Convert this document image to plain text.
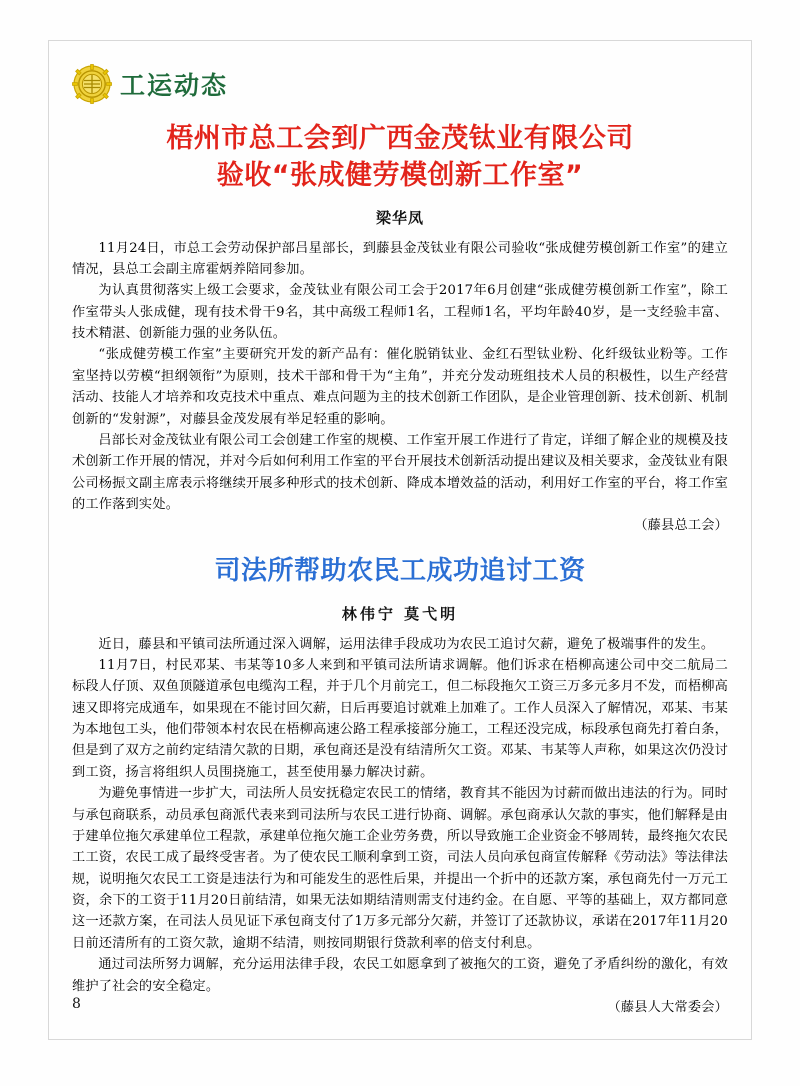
工运动态
梧州市总工会到广西金茂钛业有限公司
验收“张成健劳模创新工作室”
梁华凤

11月24日，市总工会劳动保护部吕星部长，到藤县金茂钛业有限公司验收“张成健劳模创新工作室”的建立情况，县总工会副主席霍炳养陪同参加。

为认真贯彻落实上级工会要求，金茂钛业有限公司工会于2017年6月创建“张成健劳模创新工作室”，除工作室带头人张成健，现有技术骨干9名，其中高级工程师1名，工程师1名，平均年龄40岁，是一支经验丰富、技术精湛、创新能力强的业务队伍。

“张成健劳模工作室”主要研究开发的新产品有：催化脱销钛业、金红石型钛业粉、化纤级钛业粉等。工作室坚持以劳模“担纲领衔”为原则，技术干部和骨干为“主角”，并充分发动班组技术人员的积极性，以生产经营活动、技能人才培养和攻克技术中重点、难点问题为主的技术创新工作团队，是企业管理创新、技术创新、机制创新的“发射源”，对藤县金茂发展有举足轻重的影响。

吕部长对金茂钛业有限公司工会创建工作室的规模、工作室开展工作进行了肯定，详细了解企业的规模及技术创新工作开展的情况，并对今后如何利用工作室的平台开展技术创新活动提出建议及相关要求，金茂钛业有限公司杨振文副主席表示将继续开展多种形式的技术创新、降成本增效益的活动，利用好工作室的平台，将工作室的工作落到实处。

（藤县总工会）

司法所帮助农民工成功追讨工资
林伟宁 莫弋明

近日，藤县和平镇司法所通过深入调解，运用法律手段成功为农民工追讨欠薪，避免了极端事件的发生。

11月7日，村民邓某、韦某等10多人来到和平镇司法所请求调解。他们诉求在梧柳高速公司中交二航局二标段人仔顶、双鱼顶隧道承包电缆沟工程，并于几个月前完工，但二标段拖欠工资三万多元多月不发，而梧柳高速又即将完成通车，如果现在不能讨回欠薪，日后再要追讨就难上加难了。工作人员深入了解情况，邓某、韦某为本地包工头，他们带领本村农民在梧柳高速公路工程承接部分施工，工程还没完成，标段承包商先打着白条，但是到了双方之前约定结清欠款的日期，承包商还是没有结清所欠工资。邓某、韦某等人声称，如果这次仍没讨到工资，扬言将组织人员围挠施工，甚至使用暴力解决讨薪。

为避免事情进一步扩大，司法所人员安抚稳定农民工的情绪，教育其不能因为讨薪而做出违法的行为。同时与承包商联系，动员承包商派代表来到司法所与农民工进行协商、调解。承包商承认欠款的事实，他们解释是由于建单位拖欠承建单位工程款，承建单位拖欠施工企业劳务费，所以导致施工企业资金不够周转，最终拖欠农民工工资，农民工成了最终受害者。为了使农民工顺利拿到工资，司法人员向承包商宣传解释《劳动法》等法律法规，说明拖欠农民工工资是违法行为和可能发生的恶性后果，并提出一个折中的还款方案，承包商先付一万元工资，余下的工资于11月20日前结清，如果无法如期结清则需支付违约金。在自愿、平等的基础上，双方都同意这一还款方案，在司法人员见证下承包商支付了1万多元部分欠薪，并签订了还款协议，承诺在2017年11月20日前还清所有的工资欠款，逾期不结清，则按同期银行贷款利率的倍支付利息。

通过司法所努力调解，充分运用法律手段，农民工如愿拿到了被拖欠的工资，避免了矛盾纠纷的激化，有效维护了社会的安全稳定。

（藤县人大常委会）

8
